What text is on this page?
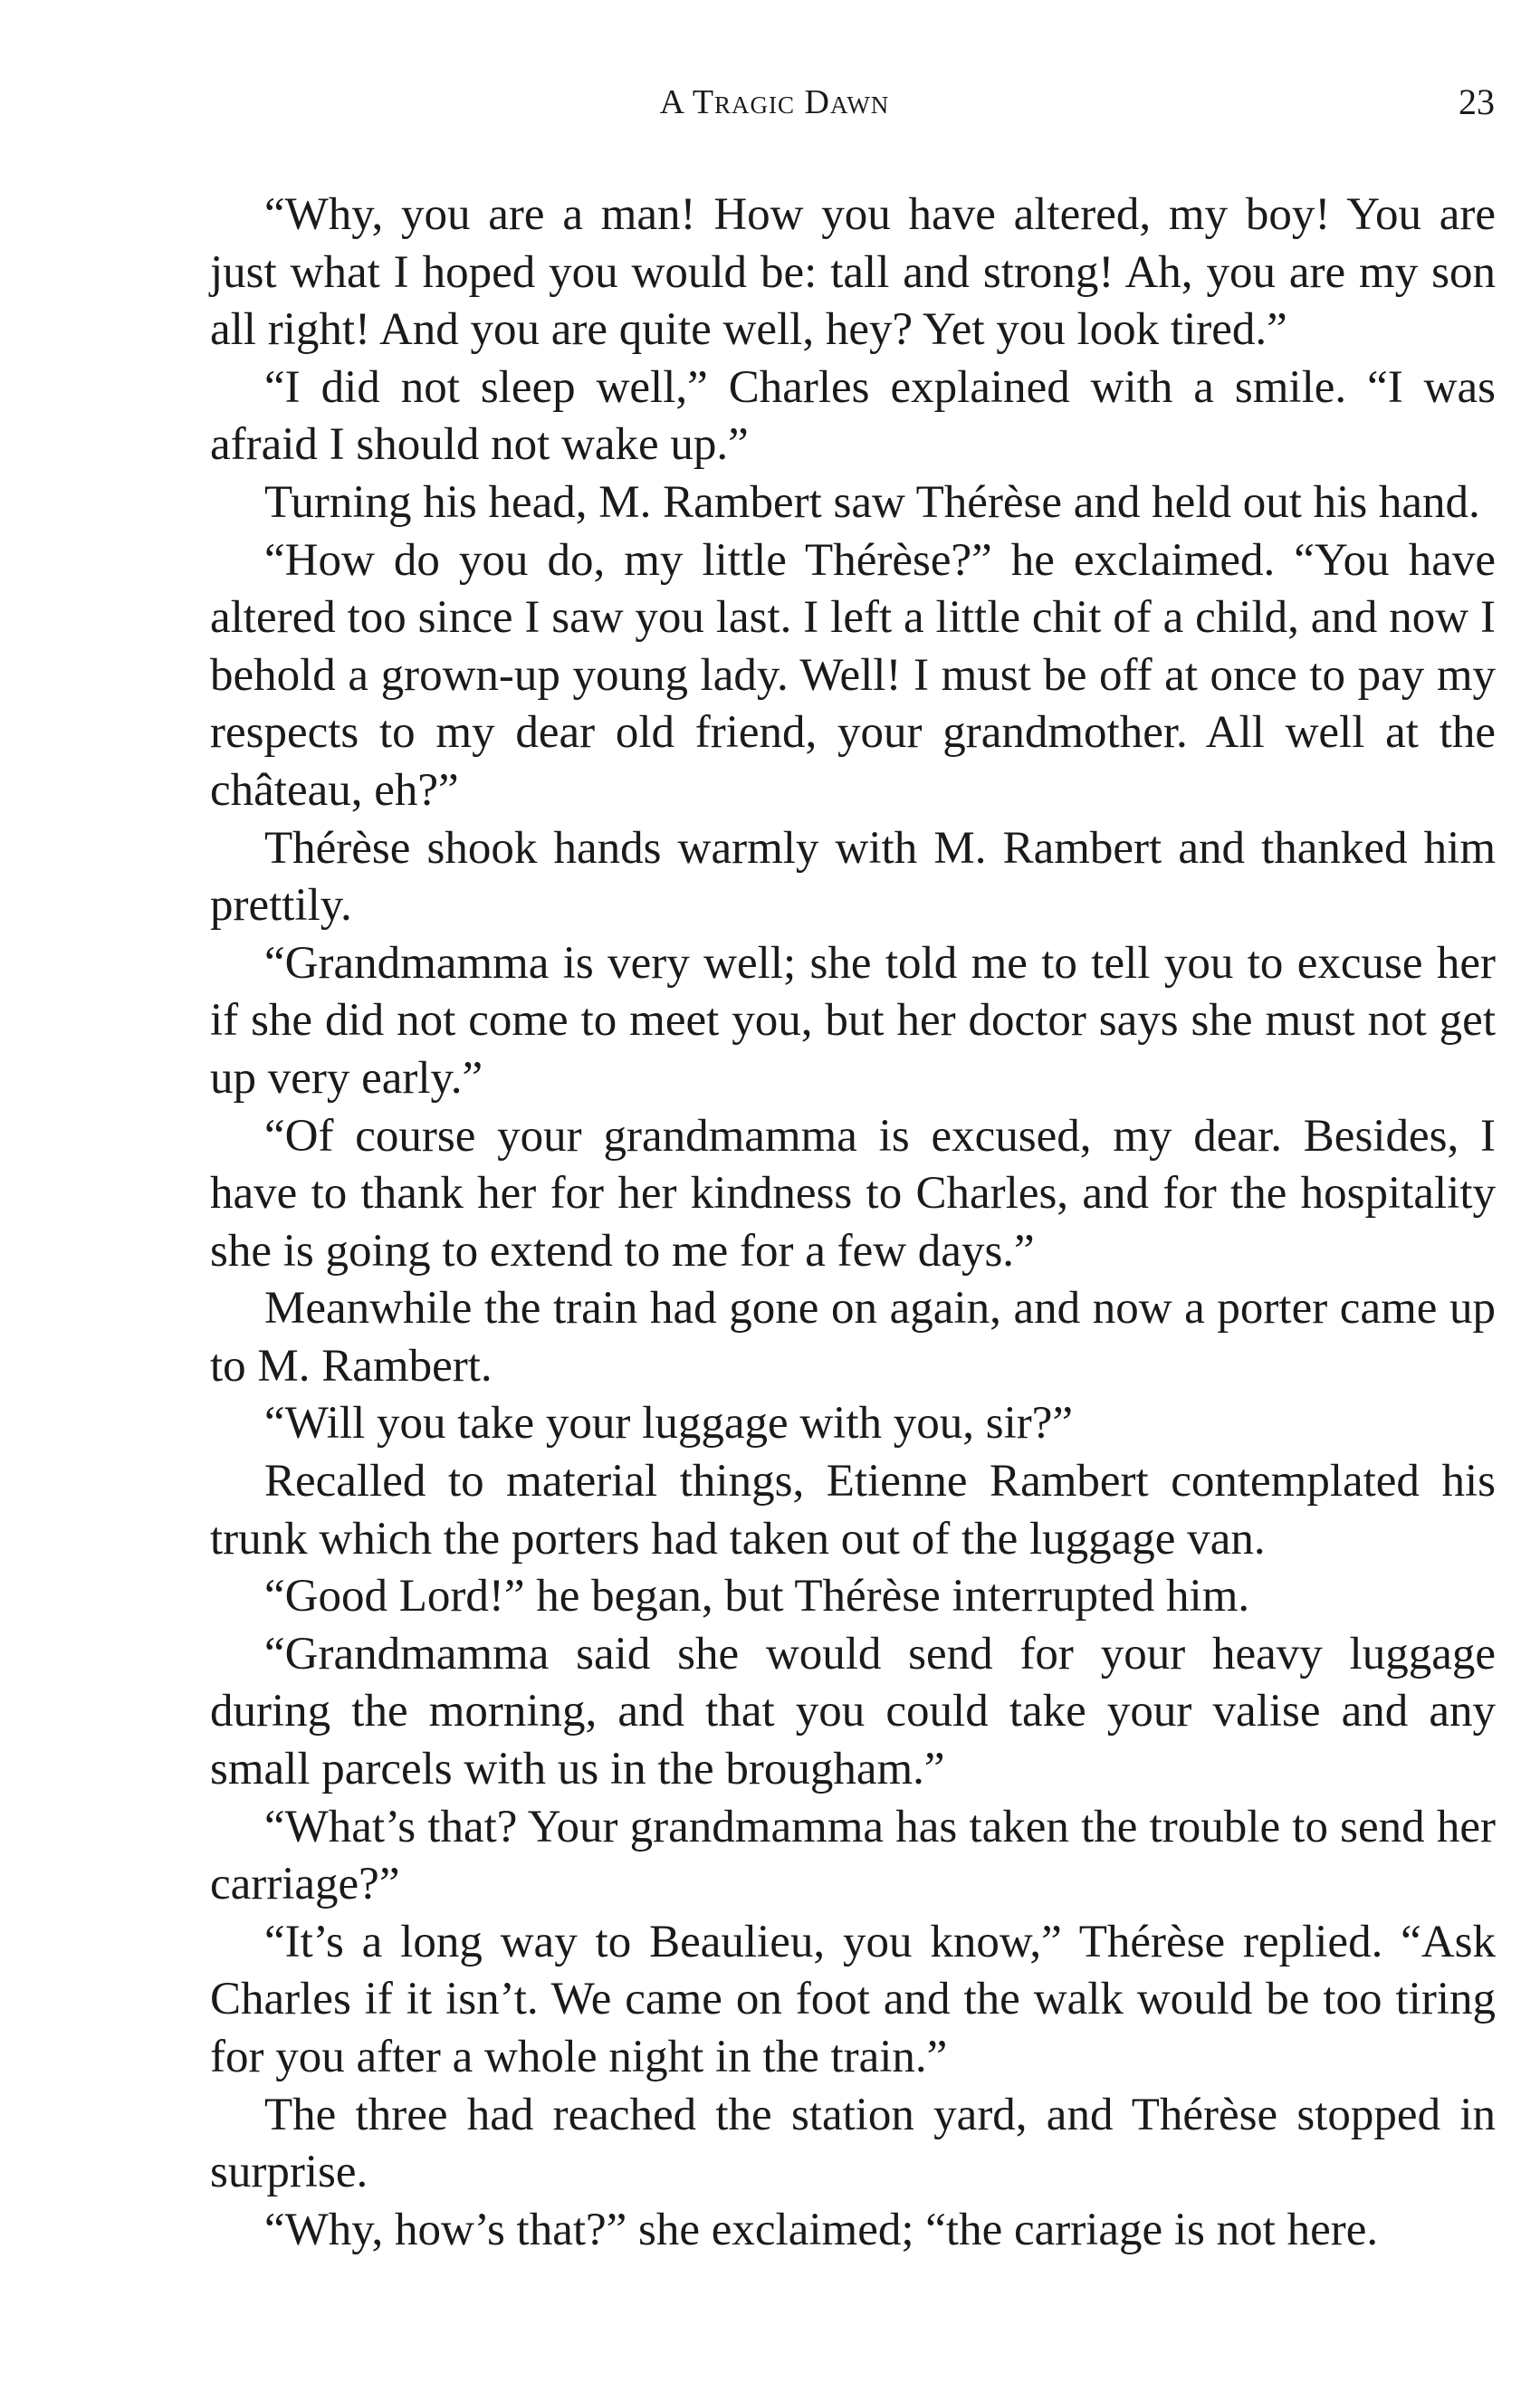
A Tragic Dawn	23

“Why, you are a man! How you have altered, my boy! You are just what I hoped you would be: tall and strong! Ah, you are my son all right! And you are quite well, hey? Yet you look tired.”

“I did not sleep well,” Charles explained with a smile. “I was afraid I should not wake up.”

Turning his head, M. Rambert saw Thérèse and held out his hand.

“How do you do, my little Thérèse?” he exclaimed. “You have altered too since I saw you last. I left a little chit of a child, and now I behold a grown-up young lady. Well! I must be off at once to pay my respects to my dear old friend, your grandmother. All well at the château, eh?”

Thérèse shook hands warmly with M. Rambert and thanked him prettily.

“Grandmamma is very well; she told me to tell you to excuse her if she did not come to meet you, but her doctor says she must not get up very early.”

“Of course your grandmamma is excused, my dear. Besides, I have to thank her for her kindness to Charles, and for the hospitality she is going to extend to me for a few days.”

Meanwhile the train had gone on again, and now a porter came up to M. Rambert.

“Will you take your luggage with you, sir?”

Recalled to material things, Etienne Rambert contemplated his trunk which the porters had taken out of the luggage van.

“Good Lord!” he began, but Thérèse interrupted him.

“Grandmamma said she would send for your heavy luggage during the morning, and that you could take your valise and any small parcels with us in the brougham.”

“What’s that? Your grandmamma has taken the trouble to send her carriage?”

“It’s a long way to Beaulieu, you know,” Thérèse replied. “Ask Charles if it isn’t. We came on foot and the walk would be too tiring for you after a whole night in the train.”

The three had reached the station yard, and Thérèse stopped in surprise.

“Why, how’s that?” she exclaimed; “the carriage is not here.
